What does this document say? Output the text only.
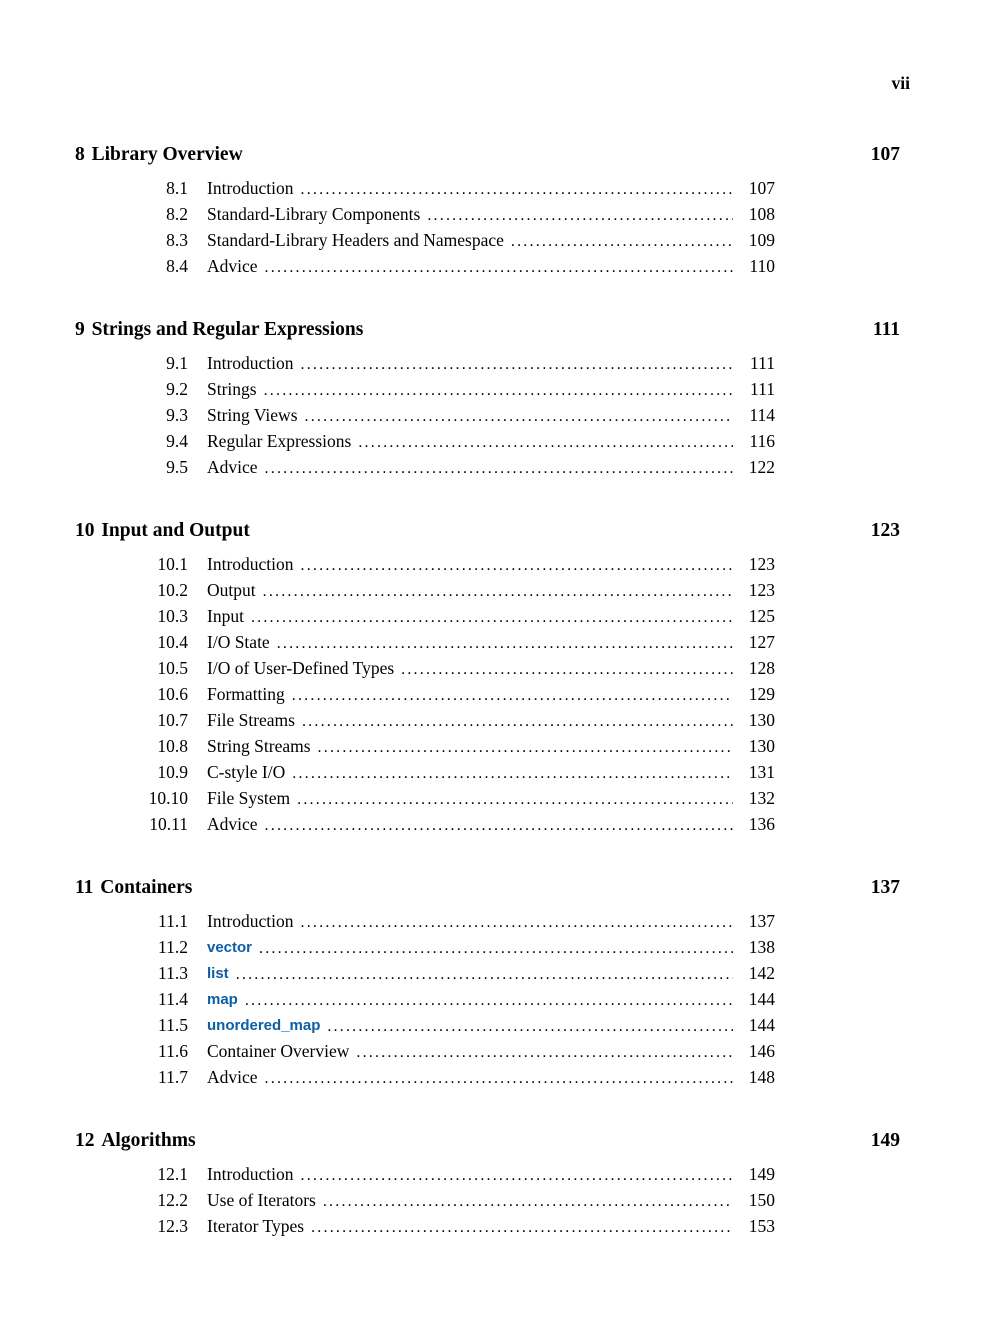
vii
8 Library Overview	107
8.1 Introduction .....	107
8.2 Standard-Library Components .....	108
8.3 Standard-Library Headers and Namespace .....	109
8.4 Advice .....	110
9 Strings and Regular Expressions	111
9.1 Introduction .....	111
9.2 Strings .....	111
9.3 String Views .....	114
9.4 Regular Expressions .....	116
9.5 Advice .....	122
10 Input and Output	123
10.1 Introduction .....	123
10.2 Output .....	123
10.3 Input .....	125
10.4 I/O State .....	127
10.5 I/O of User-Defined Types .....	128
10.6 Formatting .....	129
10.7 File Streams .....	130
10.8 String Streams .....	130
10.9 C-style I/O .....	131
10.10 File System .....	132
10.11 Advice .....	136
11 Containers	137
11.1 Introduction .....	137
11.2 vector .....	138
11.3 list .....	142
11.4 map .....	144
11.5 unordered_map .....	144
11.6 Container Overview .....	146
11.7 Advice .....	148
12 Algorithms	149
12.1 Introduction .....	149
12.2 Use of Iterators .....	150
12.3 Iterator Types .....	153
